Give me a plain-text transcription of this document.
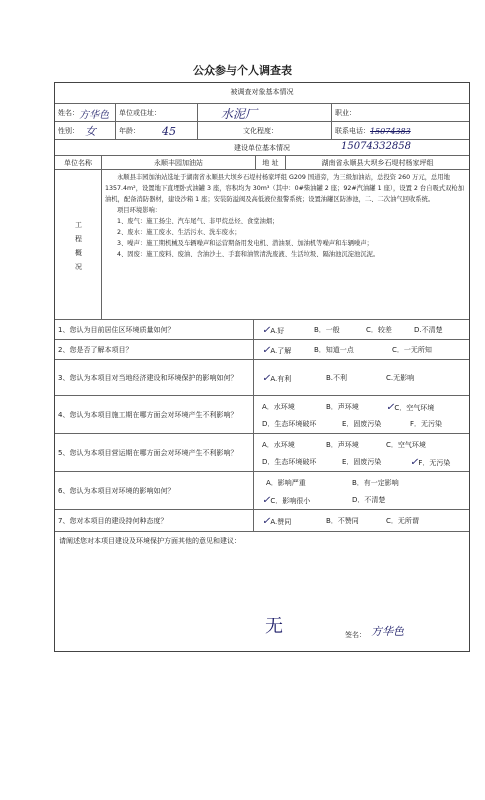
公众参与个人调查表
被调查对象基本情况
姓名： 方华色	单位或住址：	水泥厂	职业：
性别： 女	年龄：	45	文化程度：	联系电话： 15074383
建设单位基本情况	15074332858
单位名称	永顺丰园加油站	地 址	湖南省永顺县大坝乡石堤村杨家坪组
工程概况

永顺县丰园加油站选址于湖南省永顺县大坝乡石堤村杨家坪组 G209 国道旁，为三级加油站，总投资 260 万元，总用地 1357.4m²，设置地下直埋卧式油罐 3 座，容积均为 30m³（其中：0#柴油罐 2 座；92#汽油罐 1 座），设置 2 台自吸式双枪加油机，配备消防器材，建设沙箱 1 座；安装防溢阀及高低液位报警系统；设置油罐区防渗池，二、二次油气回收系统。

项目环境影响：

1、废气：施工扬尘、汽车尾气、非甲烷总烃、食堂油烟；

2、废水：施工废水、生活污水、洗车废水；

3、噪声：施工期机械及车辆噪声和运营期备用发电机、潜油泵、加油机等噪声和车辆噪声；

4、固废：施工废料、废油、含油沙土、手套和油管清洗废液、生活垃圾、隔油池沉淀池沉泥。

1、您认为目前居住区环境质量如何？	✓A.好	B．一般	C．较差	D.不清楚
2、您是否了解本项目？	✓A.了解	B．知道一点	C．一无所知
3、您认为本项目对当地经济建设和环境保护的影响如何？	✓A.有利	B.不利	C.无影响
4、您认为本项目施工期在哪方面会对环境产生不利影响？
A．水环境	B．声环境	✓C．空气环境
D．生态环境破坏	E．固废污染	F．无污染
5、您认为本项目营运期在哪方面会对环境产生不利影响？
A．水环境	B．声环境	C．空气环境
D．生态环境破坏	E．固废污染	✓F．无污染
6、您认为本项目对环境的影响如何？
A．影响严重	B．有一定影响
✓C．影响很小	D．不清楚
7、您对本项目的建设持何种态度？	✓A.赞同	B．不赞同	C．无所谓
请阐述您对本项目建设及环境保护方面其他的意见和建议：
无	签名： 方华色
